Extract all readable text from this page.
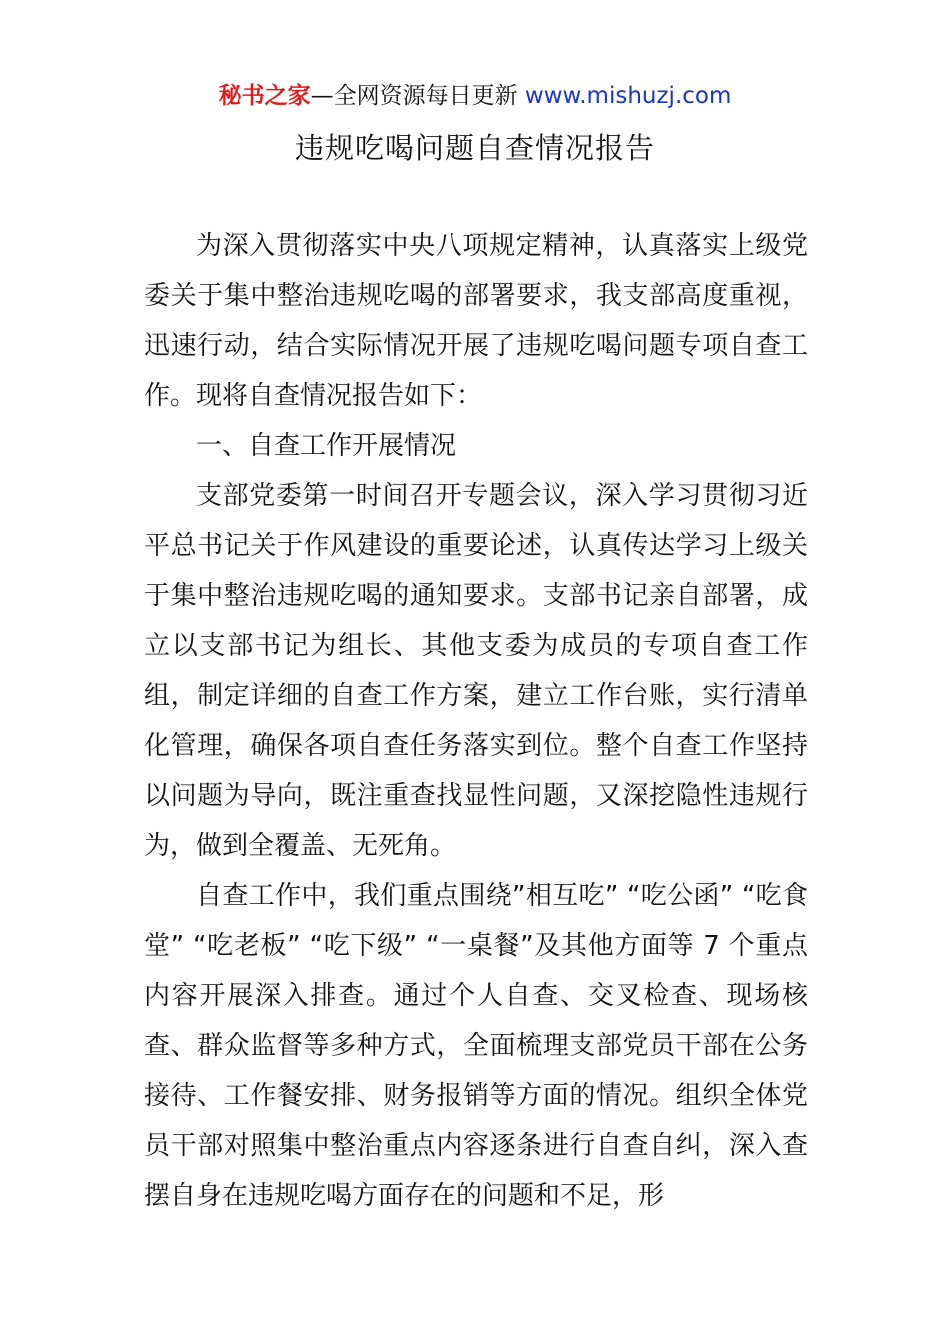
秘书之家—全网资源每日更新 www.mishuzj.com
违规吃喝问题自查情况报告

为深入贯彻落实中央八项规定精神，认真落实上级党委关于集中整治违规吃喝的部署要求，我支部高度重视，迅速行动，结合实际情况开展了违规吃喝问题专项自查工作。现将自查情况报告如下：

一、自查工作开展情况

支部党委第一时间召开专题会议，深入学习贯彻习近平总书记关于作风建设的重要论述，认真传达学习上级关于集中整治违规吃喝的通知要求。支部书记亲自部署，成立以支部书记为组长、其他支委为成员的专项自查工作组，制定详细的自查工作方案，建立工作台账，实行清单化管理，确保各项自查任务落实到位。整个自查工作坚持以问题为导向，既注重查找显性问题，又深挖隐性违规行为，做到全覆盖、无死角。

自查工作中，我们重点围绕”相互吃” “吃公函” “吃食堂” “吃老板” “吃下级” “一桌餐”及其他方面等 7 个重点内容开展深入排查。通过个人自查、交叉检查、现场核查、群众监督等多种方式，全面梳理支部党员干部在公务接待、工作餐安排、财务报销等方面的情况。组织全体党员干部对照集中整治重点内容逐条进行自查自纠，深入查摆自身在违规吃喝方面存在的问题和不足，形
